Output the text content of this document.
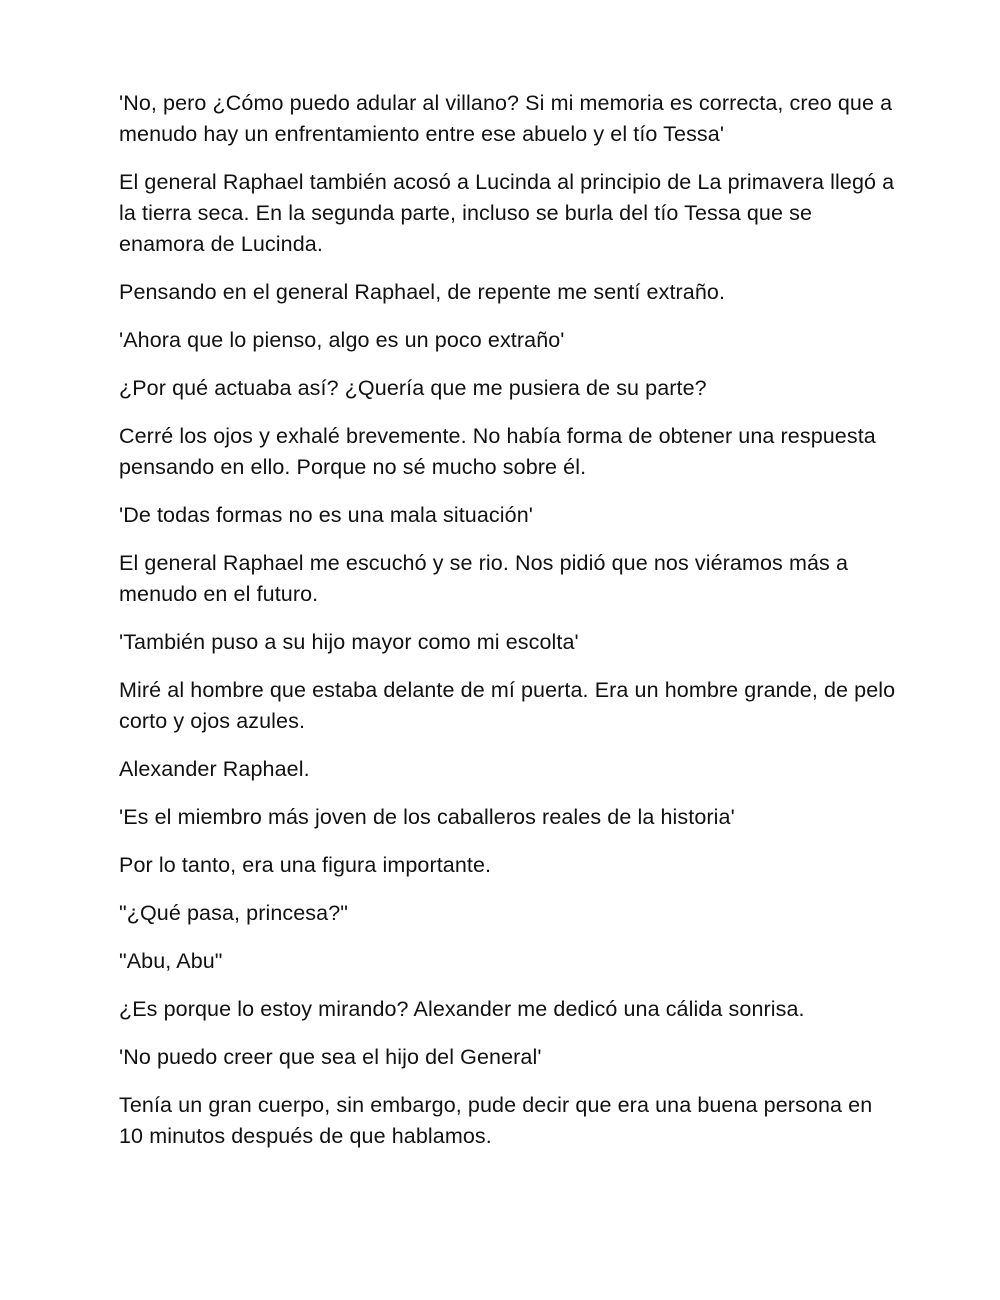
'No, pero ¿Cómo puedo adular al villano? Si mi memoria es correcta, creo que a menudo hay un enfrentamiento entre ese abuelo y el tío Tessa'

El general Raphael también acosó a Lucinda al principio de La primavera llegó a la tierra seca. En la segunda parte, incluso se burla del tío Tessa que se enamora de Lucinda.

Pensando en el general Raphael, de repente me sentí extraño.

'Ahora que lo pienso, algo es un poco extraño'

¿Por qué actuaba así? ¿Quería que me pusiera de su parte?

Cerré los ojos y exhalé brevemente. No había forma de obtener una respuesta pensando en ello. Porque no sé mucho sobre él.

'De todas formas no es una mala situación'

El general Raphael me escuchó y se rio. Nos pidió que nos viéramos más a menudo en el futuro.

'También puso a su hijo mayor como mi escolta'

Miré al hombre que estaba delante de mí puerta. Era un hombre grande, de pelo corto y ojos azules.

Alexander Raphael.

'Es el miembro más joven de los caballeros reales de la historia'

Por lo tanto, era una figura importante.

"¿Qué pasa, princesa?"

"Abu, Abu"

¿Es porque lo estoy mirando? Alexander me dedicó una cálida sonrisa.

'No puedo creer que sea el hijo del General'

Tenía un gran cuerpo, sin embargo, pude decir que era una buena persona en 10 minutos después de que hablamos.
